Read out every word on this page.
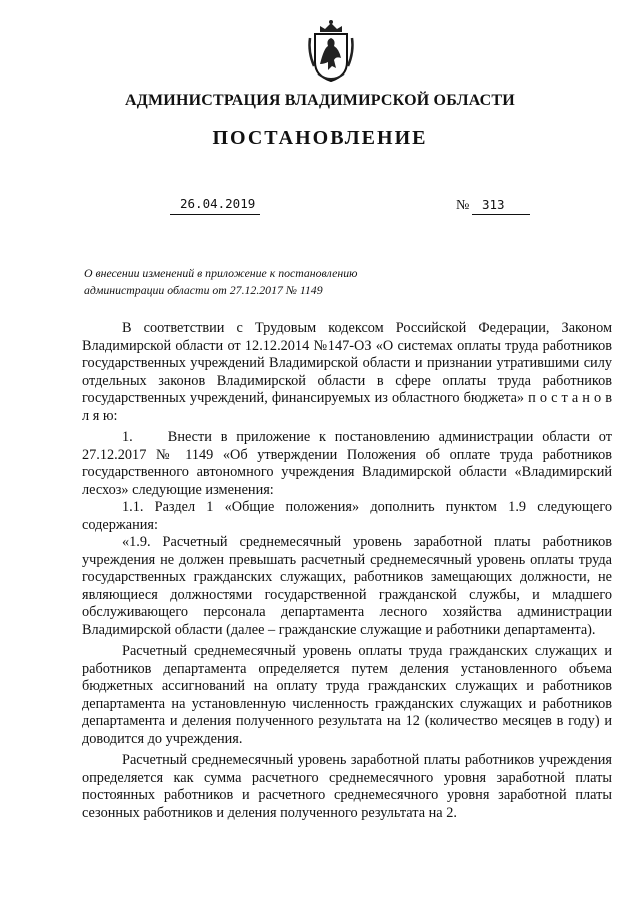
АДМИНИСТРАЦИЯ ВЛАДИМИРСКОЙ ОБЛАСТИ
ПОСТАНОВЛЕНИЕ
26.04.2019	№ 313
О внесении изменений в приложение к постановлению
администрации области от 27.12.2017 № 1149

В соответствии с Трудовым кодексом Российской Федерации, Законом Владимирской области от 12.12.2014 №147-ОЗ «О системах оплаты труда работников государственных учреждений Владимирской области и признании утратившими силу отдельных законов Владимирской области в сфере оплаты труда работников государственных учреждений, финансируемых из областного бюджета» п о с т а н о в л я ю:

1.    Внести в приложение к постановлению администрации области от 27.12.2017 № 1149 «Об утверждении Положения об оплате труда работников государственного автономного учреждения Владимирской области «Владимирский лесхоз» следующие изменения:

1.1. Раздел 1 «Общие положения» дополнить пунктом 1.9 следующего содержания:

«1.9. Расчетный среднемесячный уровень заработной платы работников учреждения не должен превышать расчетный среднемесячный уровень оплаты труда государственных гражданских служащих, работников замещающих должности, не являющиеся должностями государственной гражданской службы, и младшего обслуживающего персонала департамента лесного хозяйства администрации Владимирской области (далее – гражданские служащие и работники департамента).

Расчетный среднемесячный уровень оплаты труда гражданских служащих и работников департамента определяется путем деления установленного объема бюджетных ассигнований на оплату труда гражданских служащих и работников департамента на установленную численность гражданских служащих и работников департамента и деления полученного результата на 12 (количество месяцев в году) и доводится до учреждения.

Расчетный среднемесячный уровень заработной платы работников учреждения определяется как сумма расчетного среднемесячного уровня заработной платы постоянных работников и расчетного среднемесячного уровня заработной платы сезонных работников и деления полученного результата на 2.
